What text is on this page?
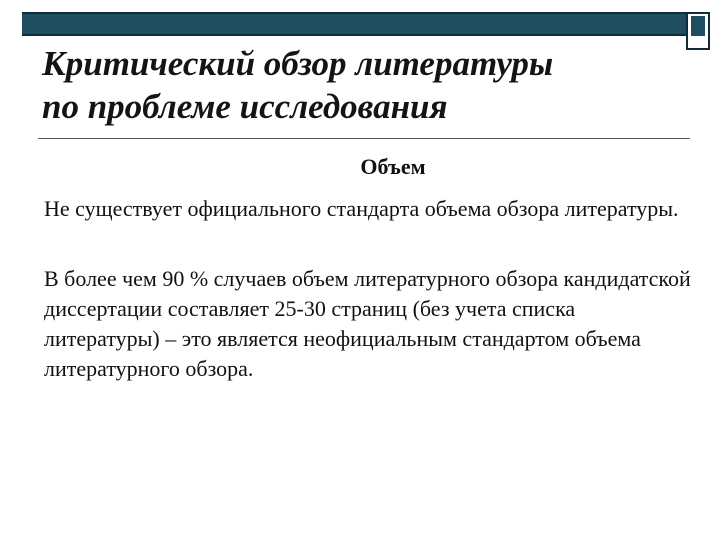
Критический обзор литературы
по проблеме исследования
Объем

Не существует официального стандарта объема обзора литературы.

В более чем 90 % случаев объем литературного обзора кандидатской диссертации составляет 25-30 страниц (без учета списка литературы) – это является неофициальным стандартом объема литературного обзора.
